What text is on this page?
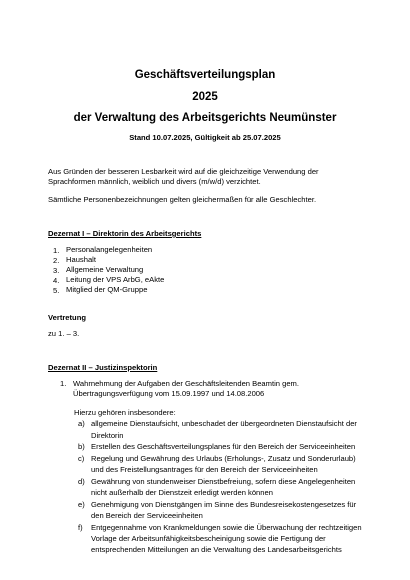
Geschäftsverteilungsplan
2025
der Verwaltung des Arbeitsgerichts Neumünster
Stand 10.07.2025, Gültigkeit ab 25.07.2025
Aus Gründen der besseren Lesbarkeit wird auf die gleichzeitige Verwendung der
Sprachformen männlich, weiblich und divers (m/w/d) verzichtet.
Sämtliche Personenbezeichnungen gelten gleichermaßen für alle Geschlechter.
Dezernat I – Direktorin des Arbeitsgerichts
1. Personalangelegenheiten
2. Haushalt
3. Allgemeine Verwaltung
4. Leitung der VPS ArbG, eAkte
5. Mitglied der QM-Gruppe
Vertretung
zu 1. – 3.
Dezernat II – Justizinspektorin
1. Wahrnehmung der Aufgaben der Geschäftsleitenden Beamtin gem.
Übertragungsverfügung vom 15.09.1997 und 14.08.2006
Hierzu gehören insbesondere:
a) allgemeine Dienstaufsicht, unbeschadet der übergeordneten Dienstaufsicht der
Direktorin
b) Erstellen des Geschäftsverteilungsplanes für den Bereich der Serviceeinheiten
c) Regelung und Gewährung des Urlaubs (Erholungs-, Zusatz und Sonderurlaub)
und des Freistellungsantrages für den Bereich der Serviceeinheiten
d) Gewährung von stundenweiser Dienstbefreiung, sofern diese Angelegenheiten
nicht außerhalb der Dienstzeit erledigt werden können
e) Genehmigung von Dienstgängen im Sinne des Bundesreisekostengesetzes für
den Bereich der Serviceeinheiten
f) Entgegennahme von Krankmeldungen sowie die Überwachung der rechtzeitigen
Vorlage der Arbeitsunfähigkeitsbescheinigung sowie die Fertigung der
entsprechenden Mitteilungen an die Verwaltung des Landesarbeitsgerichts
